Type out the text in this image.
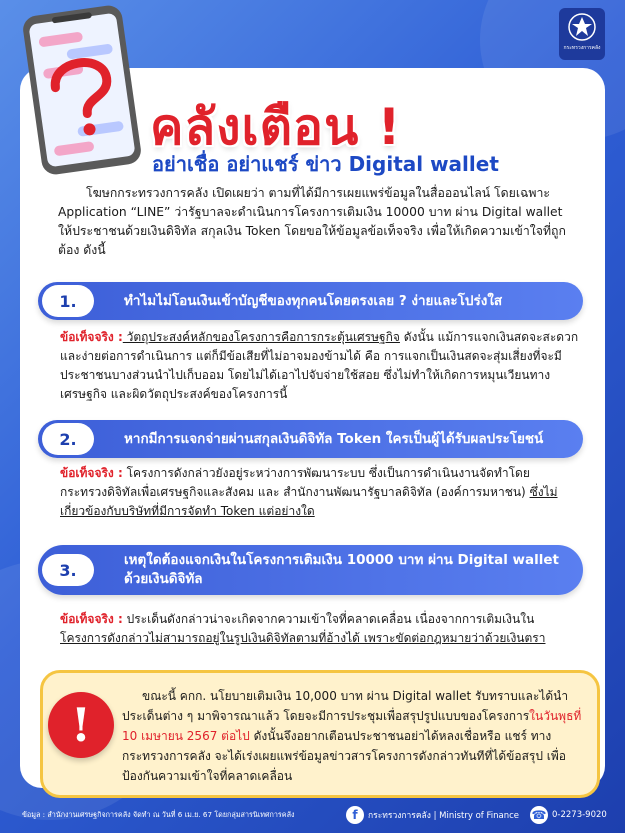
กระทรวงการคลัง
คลังเตือน !
อย่าเชื่อ อย่าแชร์ ข่าว Digital wallet

โฆษกกระทรวงการคลัง เปิดเผยว่า ตามที่ได้มีการเผยแพร่ข้อมูลในสื่อออนไลน์ โดยเฉพาะ Application “LINE” ว่ารัฐบาลจะดำเนินการโครงการเติมเงิน 10000 บาท ผ่าน Digital wallet ให้ประชาชนด้วยเงินดิจิทัล สกุลเงิน Token โดยขอให้ข้อมูลข้อเท็จจริง เพื่อให้เกิดความเข้าใจที่ถูกต้อง ดังนี้

1.	ทำไมไม่โอนเงินเข้าบัญชีของทุกคนโดยตรงเลย ? ง่ายและโปร่งใส

ข้อเท็จจริง : วัตถุประสงค์หลักของโครงการคือการกระตุ้นเศรษฐกิจ ดังนั้น แม้การแจกเงินสดจะสะดวก และง่ายต่อการดำเนินการ แต่ก็มีข้อเสียที่ไม่อาจมองข้ามได้ คือ การแจกเป็นเงินสดจะสุ่มเสี่ยงที่จะมีประชาชนบางส่วนนำไปเก็บออม โดยไม่ได้เอาไปจับจ่ายใช้สอย ซึ่งไม่ทำให้เกิดการหมุนเวียนทางเศรษฐกิจ และผิดวัตถุประสงค์ของโครงการนี้

2.	หากมีการแจกจ่ายผ่านสกุลเงินดิจิทัล Token ใครเป็นผู้ได้รับผลประโยชน์

ข้อเท็จจริง : โครงการดังกล่าวยังอยู่ระหว่างการพัฒนาระบบ ซึ่งเป็นการดำเนินงานจัดทำโดย กระทรวงดิจิทัลเพื่อเศรษฐกิจและสังคม และ สำนักงานพัฒนารัฐบาลดิจิทัล (องค์การมหาชน) ซึ่งไม่เกี่ยวข้องกับบริษัทที่มีการจัดทำ Token แต่อย่างใด

3.
เหตุใดต้องแจกเงินในโครงการเติมเงิน 10000 บาท ผ่าน Digital wallet ด้วยเงินดิจิทัล

ข้อเท็จจริง : ประเด็นดังกล่าวน่าจะเกิดจากความเข้าใจที่คลาดเคลื่อน เนื่องจากการเติมเงินในโครงการดังกล่าวไม่สามารถอยู่ในรูปเงินดิจิทัลตามที่อ้างได้ เพราะขัดต่อกฎหมายว่าด้วยเงินตรา

!

ขณะนี้ คกก. นโยบายเติมเงิน 10,000 บาท ผ่าน Digital wallet รับทราบและได้นำประเด็นต่าง ๆ มาพิจารณาแล้ว โดยจะมีการประชุมเพื่อสรุปรูปแบบของโครงการในวันพุธที่ 10 เมษายน 2567 ต่อไป ดังนั้นจึงอยากเตือนประชาชนอย่าได้หลงเชื่อหรือ แชร์ ทางกระทรวงการคลัง จะได้เร่งเผยแพร่ข้อมูลข่าวสารโครงการดังกล่าวทันทีที่ได้ข้อสรุป เพื่อป้องกันความเข้าใจที่คลาดเคลื่อน

ข้อมูล : สำนักงานเศรษฐกิจการคลัง จัดทำ ณ วันที่ 6 เม.ย. 67 โดยกลุ่มสารนิเทศการคลัง	f	กระทรวงการคลัง | Ministry of Finance ☎ 0-2273-9020
